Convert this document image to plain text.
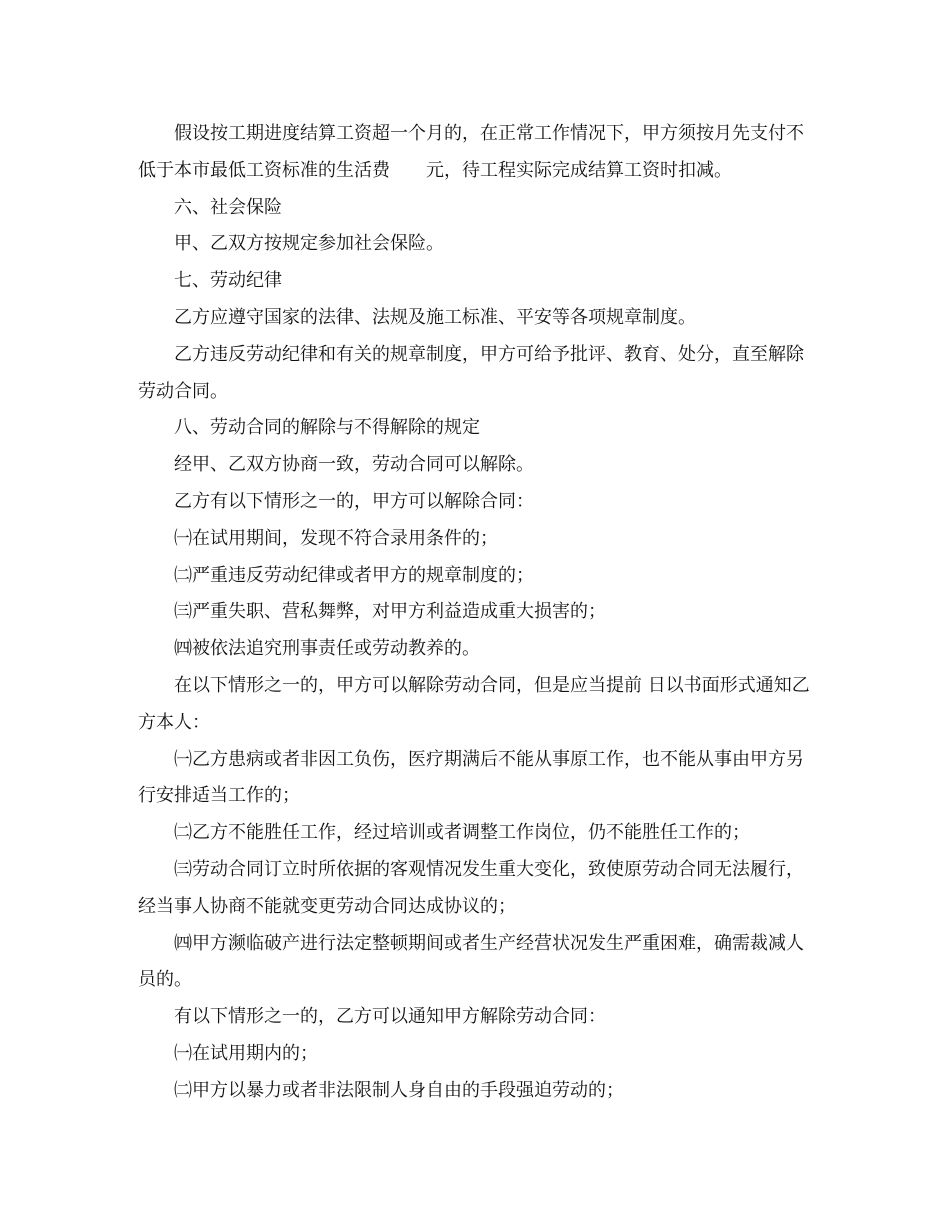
假设按工期进度结算工资超一个月的，在正常工作情况下，甲方须按月先支付不低于本市最低工资标准的生活费　　元，待工程实际完成结算工资时扣减。

六、社会保险

甲、乙双方按规定参加社会保险。

七、劳动纪律

乙方应遵守国家的法律、法规及施工标准、平安等各项规章制度。

乙方违反劳动纪律和有关的规章制度，甲方可给予批评、教育、处分，直至解除劳动合同。

八、劳动合同的解除与不得解除的规定

经甲、乙双方协商一致，劳动合同可以解除。

乙方有以下情形之一的，甲方可以解除合同：

㈠在试用期间，发现不符合录用条件的；

㈡严重违反劳动纪律或者甲方的规章制度的；

㈢严重失职、营私舞弊，对甲方利益造成重大损害的；

㈣被依法追究刑事责任或劳动教养的。

在以下情形之一的，甲方可以解除劳动合同，但是应当提前 日以书面形式通知乙方本人：

㈠乙方患病或者非因工负伤，医疗期满后不能从事原工作，也不能从事由甲方另行安排适当工作的；

㈡乙方不能胜任工作，经过培训或者调整工作岗位，仍不能胜任工作的；

㈢劳动合同订立时所依据的客观情况发生重大变化，致使原劳动合同无法履行，经当事人协商不能就变更劳动合同达成协议的；

㈣甲方濒临破产进行法定整顿期间或者生产经营状况发生严重困难，确需裁减人员的。

有以下情形之一的，乙方可以通知甲方解除劳动合同：

㈠在试用期内的；

㈡甲方以暴力或者非法限制人身自由的手段强迫劳动的；
